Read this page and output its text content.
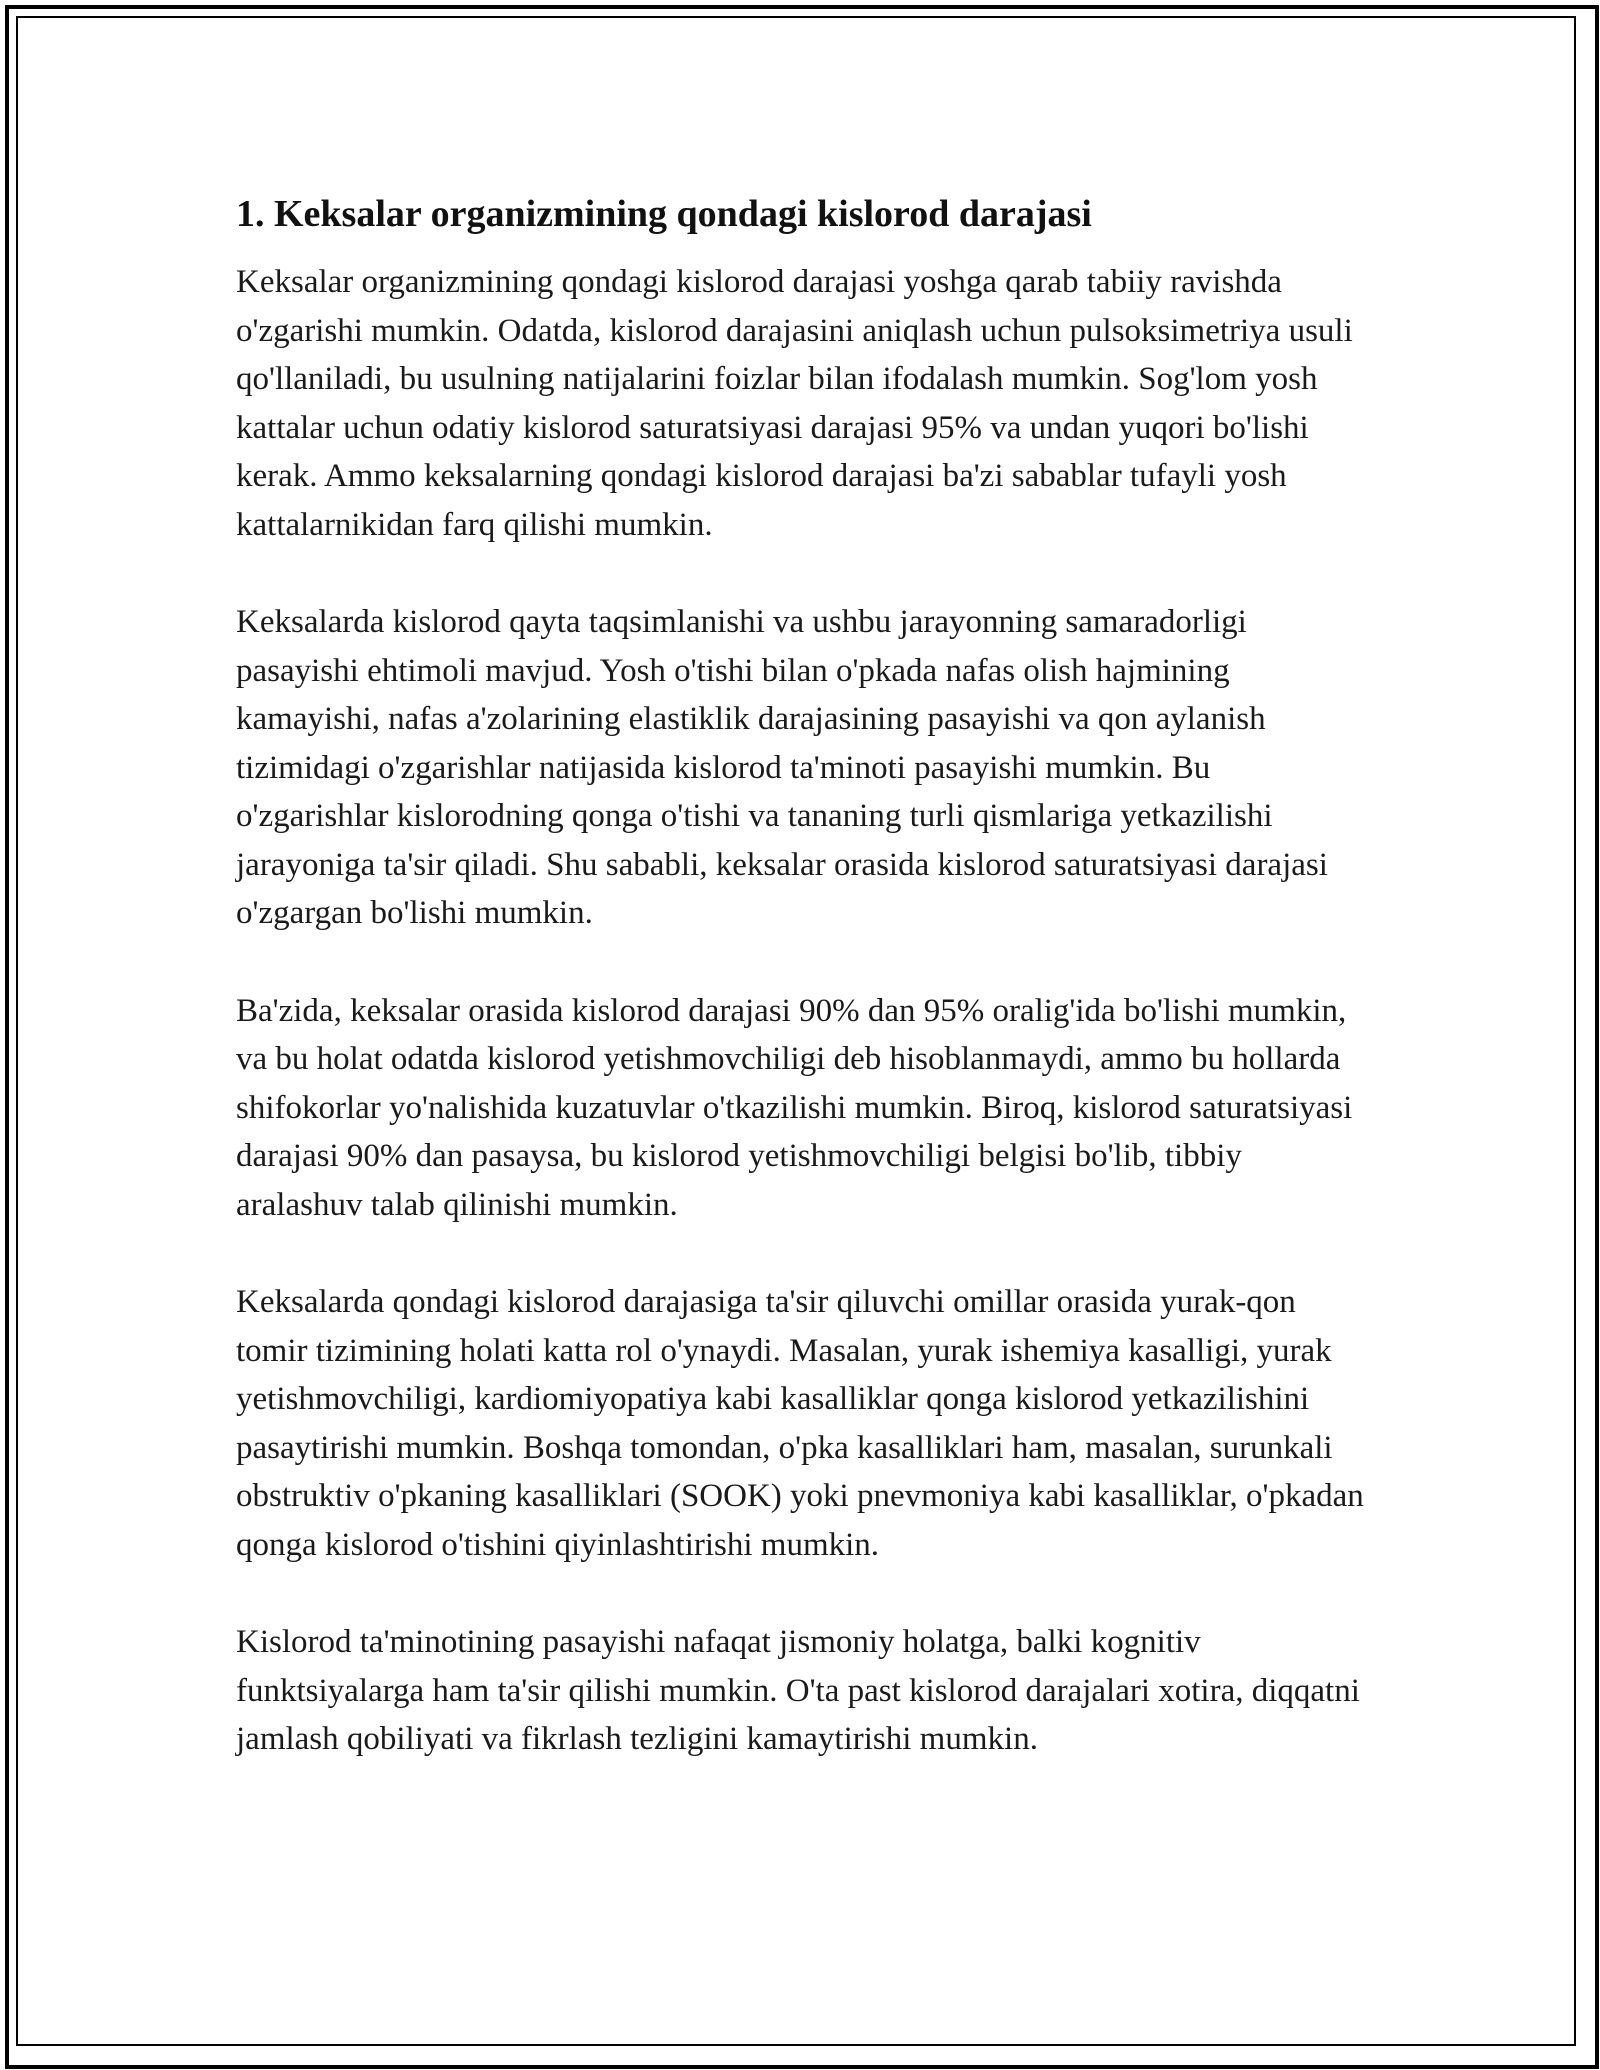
1. Keksalar organizmining qondagi kislorod darajasi

Keksalar organizmining qondagi kislorod darajasi yoshga qarab tabiiy ravishda o'zgarishi mumkin. Odatda, kislorod darajasini aniqlash uchun pulsoksimetriya usuli qo'llaniladi, bu usulning natijalarini foizlar bilan ifodalash mumkin. Sog'lom yosh kattalar uchun odatiy kislorod saturatsiyasi darajasi 95% va undan yuqori bo'lishi kerak. Ammo keksalarning qondagi kislorod darajasi ba'zi sabablar tufayli yosh kattalarnikidan farq qilishi mumkin.

Keksalarda kislorod qayta taqsimlanishi va ushbu jarayonning samaradorligi pasayishi ehtimoli mavjud. Yosh o'tishi bilan o'pkada nafas olish hajmining kamayishi, nafas a'zolarining elastiklik darajasining pasayishi va qon aylanish tizimidagi o'zgarishlar natijasida kislorod ta'minoti pasayishi mumkin. Bu o'zgarishlar kislorodning qonga o'tishi va tananing turli qismlariga yetkazilishi jarayoniga ta'sir qiladi. Shu sababli, keksalar orasida kislorod saturatsiyasi darajasi o'zgargan bo'lishi mumkin.

Ba'zida, keksalar orasida kislorod darajasi 90% dan 95% oralig'ida bo'lishi mumkin, va bu holat odatda kislorod yetishmovchiligi deb hisoblanmaydi, ammo bu hollarda shifokorlar yo'nalishida kuzatuvlar o'tkazilishi mumkin. Biroq, kislorod saturatsiyasi darajasi 90% dan pasaysa, bu kislorod yetishmovchiligi belgisi bo'lib, tibbiy aralashuv talab qilinishi mumkin.

Keksalarda qondagi kislorod darajasiga ta'sir qiluvchi omillar orasida yurak-qon tomir tizimining holati katta rol o'ynaydi. Masalan, yurak ishemiya kasalligi, yurak yetishmovchiligi, kardiomiyopatiya kabi kasalliklar qonga kislorod yetkazilishini pasaytirishi mumkin. Boshqa tomondan, o'pka kasalliklari ham, masalan, surunkali obstruktiv o'pkaning kasalliklari (SOOK) yoki pnevmoniya kabi kasalliklar, o'pkadan qonga kislorod o'tishini qiyinlashtirishi mumkin.

Kislorod ta'minotining pasayishi nafaqat jismoniy holatga, balki kognitiv funktsiyalarga ham ta'sir qilishi mumkin. O'ta past kislorod darajalari xotira, diqqatni jamlash qobiliyati va fikrlash tezligini kamaytirishi mumkin.
